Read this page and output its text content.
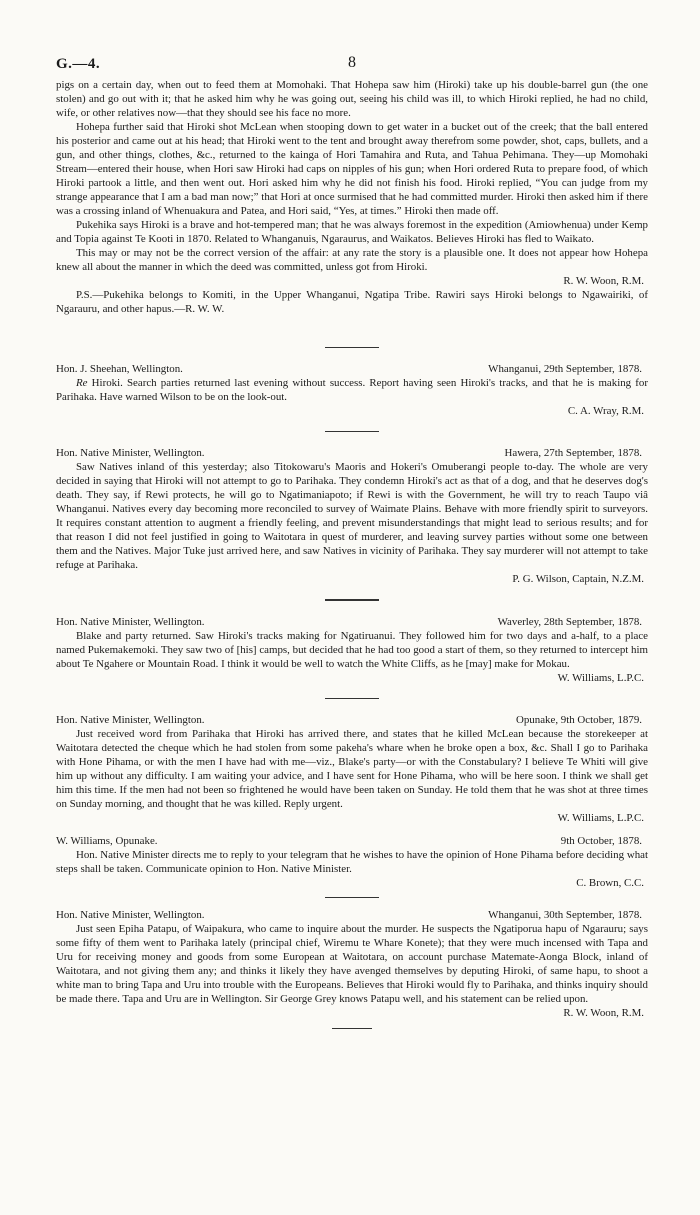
G.—4.	8

pigs on a certain day, when out to feed them at Momohaki. That Hohepa saw him (Hiroki) take up his double-barrel gun (the one stolen) and go out with it; that he asked him why he was going out, seeing his child was ill, to which Hiroki replied, he had no child, wife, or other relatives now—that they should see his face no more.

Hohepa further said that Hiroki shot McLean when stooping down to get water in a bucket out of the creek; that the ball entered his posterior and came out at his head; that Hiroki went to the tent and brought away therefrom some powder, shot, caps, bullets, and a gun, and other things, clothes, &c., returned to the kainga of Hori Tamahira and Ruta, and Tahua Pehimana. They—up Momohaki Stream—entered their house, when Hori saw Hiroki had caps on nipples of his gun; when Hori ordered Ruta to prepare food, of which Hiroki partook a little, and then went out. Hori asked him why he did not finish his food. Hiroki replied, “You can judge from my strange appearance that I am a bad man now;” that Hori at once surmised that he had committed murder. Hiroki then asked him if there was a crossing inland of Whenuakura and Patea, and Hori said, “Yes, at times.” Hiroki then made off.

Pukehika says Hiroki is a brave and hot-tempered man; that he was always foremost in the expedition (Amiowhenua) under Kemp and Topia against Te Kooti in 1870. Related to Whanganuis, Ngaraurus, and Waikatos. Believes Hiroki has fled to Waikato.

This may or may not be the correct version of the affair: at any rate the story is a plausible one. It does not appear how Hohepa knew all about the manner in which the deed was committed, unless got from Hiroki.

R. W. Woon, R.M.

P.S.—Pukehika belongs to Komiti, in the Upper Whanganui, Ngatipa Tribe. Rawiri says Hiroki belongs to Ngawairiki, of Ngarauru, and other hapus.—R. W. W.

Hon. J. Sheehan, Wellington.	Whanganui, 29th September, 1878.

Re Hiroki. Search parties returned last evening without success. Report having seen Hiroki's tracks, and that he is making for Parihaka. Have warned Wilson to be on the look-out.

C. A. Wray, R.M.

Hon. Native Minister, Wellington.	Hawera, 27th September, 1878.

Saw Natives inland of this yesterday; also Titokowaru's Maoris and Hokeri's Omuberangi people to-day. The whole are very decided in saying that Hiroki will not attempt to go to Parihaka. They condemn Hiroki's act as that of a dog, and that he deserves dog's death. They say, if Rewi protects, he will go to Ngatimaniapoto; if Rewi is with the Government, he will try to reach Taupo viâ Whanganui. Natives every day becoming more reconciled to survey of Waimate Plains. Behave with more friendly spirit to surveyors. It requires constant attention to augment a friendly feeling, and prevent misunderstandings that might lead to serious results; and for that reason I did not feel justified in going to Waitotara in quest of murderer, and leaving survey parties without some one between them and the Natives. Major Tuke just arrived here, and saw Natives in vicinity of Parihaka. They say murderer will not attempt to take refuge at Parihaka.

P. G. Wilson, Captain, N.Z.M.

Hon. Native Minister, Wellington.	Waverley, 28th September, 1878.

Blake and party returned. Saw Hiroki's tracks making for Ngatiruanui. They followed him for two days and a-half, to a place named Pukemakemoki. They saw two of [his] camps, but decided that he had too good a start of them, so they returned to intercept him about Te Ngahere or Mountain Road. I think it would be well to watch the White Cliffs, as he [may] make for Mokau.

W. Williams, L.P.C.

Hon. Native Minister, Wellington.	Opunake, 9th October, 1879.

Just received word from Parihaka that Hiroki has arrived there, and states that he killed McLean because the storekeeper at Waitotara detected the cheque which he had stolen from some pakeha's whare when he broke open a box, &c. Shall I go to Parihaka with Hone Pihama, or with the men I have had with me—viz., Blake's party—or with the Constabulary? I believe Te Whiti will give him up without any difficulty. I am waiting your advice, and I have sent for Hone Pihama, who will be here soon. I think we shall get him this time. If the men had not been so frightened he would have been taken on Sunday. He told them that he was shot at three times on Sunday morning, and thought that he was killed. Reply urgent.

W. Williams, L.P.C.

W. Williams, Opunake.	9th October, 1878.

Hon. Native Minister directs me to reply to your telegram that he wishes to have the opinion of Hone Pihama before deciding what steps shall be taken. Communicate opinion to Hon. Native Minister.

C. Brown, C.C.

Hon. Native Minister, Wellington.	Whanganui, 30th September, 1878.

Just seen Epiha Patapu, of Waipakura, who came to inquire about the murder. He suspects the Ngatiporua hapu of Ngarauru; says some fifty of them went to Parihaka lately (principal chief, Wiremu te Whare Konete); that they were much incensed with Tapa and Uru for receiving money and goods from some European at Waitotara, on account purchase Matemate-Aonga Block, inland of Waitotara, and not giving them any; and thinks it likely they have avenged themselves by deputing Hiroki, of same hapu, to shoot a white man to bring Tapa and Uru into trouble with the Europeans. Believes that Hiroki would fly to Parihaka, and thinks inquiry should be made there. Tapa and Uru are in Wellington. Sir George Grey knows Patapu well, and his statement can be relied upon.

R. W. Woon, R.M.
